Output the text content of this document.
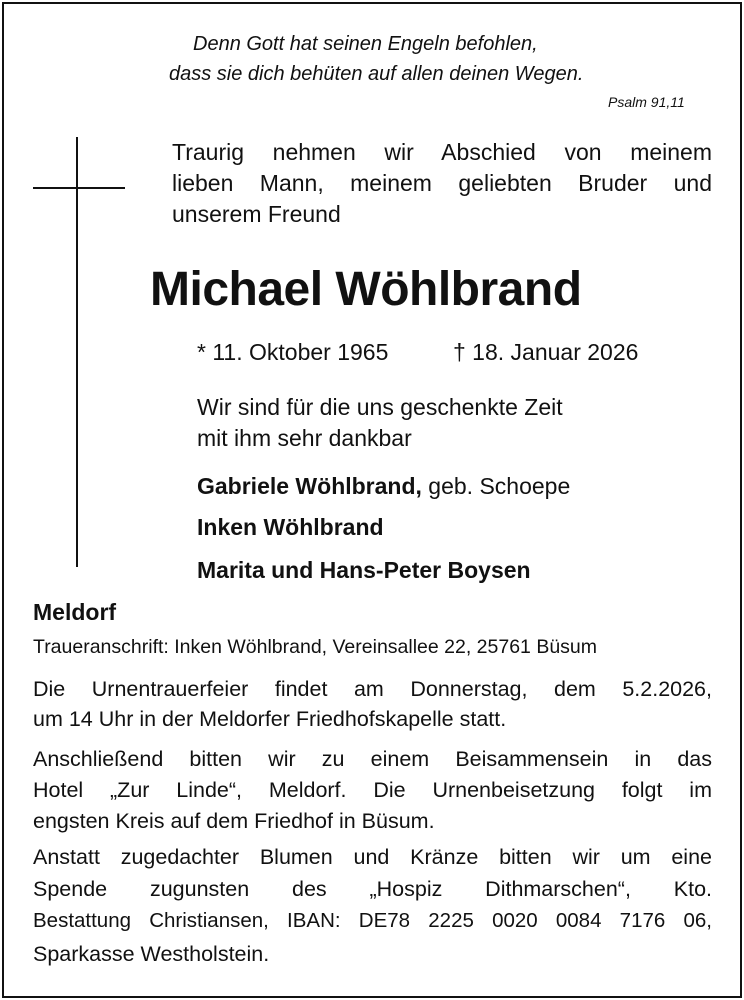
Denn Gott hat seinen Engeln befohlen,
dass sie dich behüten auf allen deinen Wegen.
Psalm 91,11
Traurig nehmen wir Abschied von meinem
lieben Mann, meinem geliebten Bruder und
unserem Freund
Michael Wöhlbrand
* 11. Oktober 1965	† 18. Januar 2026
Wir sind für die uns geschenkte Zeit
mit ihm sehr dankbar
Gabriele Wöhlbrand, geb. Schoepe
Inken Wöhlbrand
Marita und Hans-Peter Boysen
Meldorf
Traueranschrift: Inken Wöhlbrand, Vereinsallee 22, 25761 Büsum
Die Urnentrauerfeier findet am Donnerstag, dem 5.2.2026,
um 14 Uhr in der Meldorfer Friedhofskapelle statt.
Anschließend bitten wir zu einem Beisammensein in das
Hotel „Zur Linde“, Meldorf. Die Urnenbeisetzung folgt im
engsten Kreis auf dem Friedhof in Büsum.
Anstatt zugedachter Blumen und Kränze bitten wir um eine
Spende zugunsten des „Hospiz Dithmarschen“, Kto.
Bestattung Christiansen, IBAN: DE78 2225 0020 0084 7176 06,
Sparkasse Westholstein.
